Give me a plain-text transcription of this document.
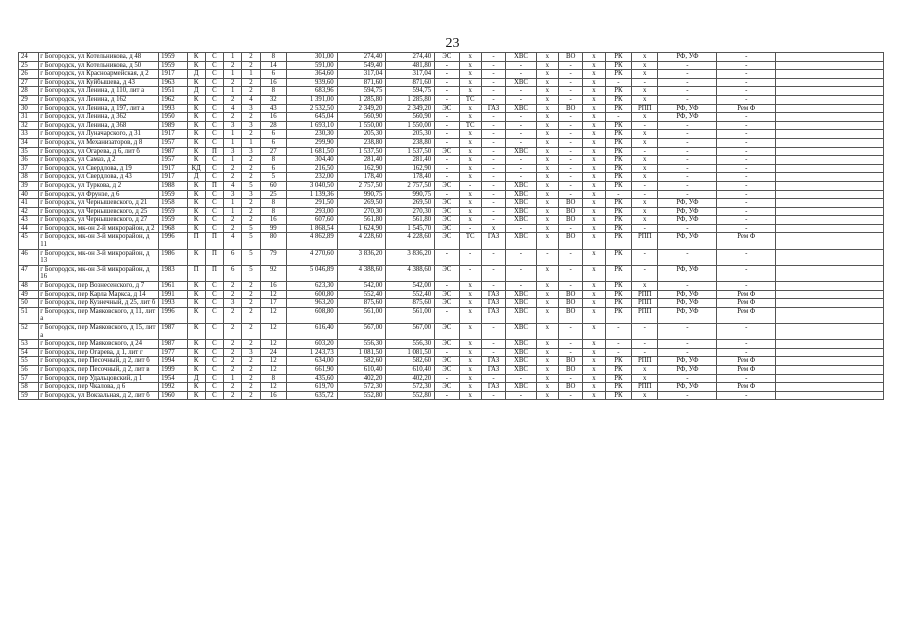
23
24	г Богородск, ул Котельникова, д 48	1959	К	С	1	2	8	301,00	274,40	274,40	ЭС	х	-	ХВС	х	ВО	х	РК	х	РФ, УФ	-	
25	г Богородск, ул Котельникова, д 50	1959	К	С	2	2	14	591,00	549,40	481,80	-	х	-	-	х	-	х	РК	х	-	-	
26	г Богородск, ул Красноармейская, д 2	1917	Д	С	1	1	6	364,60	317,04	317,04	-	х	-	-	х	-	х	РК	х	-	-	
27	г Богородск, ул Куйбышева, д 43	1963	К	С	2	2	16	939,60	871,60	871,60	-	х	-	ХВС	х	-	х	-	-	-	-	
28	г Богородск, ул Ленина, д 110, лит а	1951	Д	С	1	2	8	683,96	594,75	594,75	-	х	-	-	х	-	х	РК	х	-	-	
29	г Богородск, ул Ленина, д 162	1962	К	С	2	4	32	1 391,00	1 285,80	1 285,80	-	ТС	-	-	х	-	х	РК	х	-	-	
30	г Богородск, ул Ленина, д 197, лит а	1993	К	С	4	3	43	2 532,50	2 349,20	2 349,20	ЭС	х	ГАЗ	ХВС	х	ВО	х	РК	РПП	РФ, УФ	Рем Ф	
31	г Богородск, ул Ленина, д 362	1950	К	С	2	2	16	645,04	560,90	560,90	-	х	-	-	х	-	х	-	х	РФ, УФ	-	
32	г Богородск, ул Ленина, д 368	1989	К	С	3	3	28	1 693,10	1 550,00	1 550,00	-	ТС	-	-	х	-	х	РК	-	-	-	
33	г Богородск, ул Луначарского, д 31	1917	К	С	1	2	6	230,30	205,30	205,30	-	х	-	-	х	-	х	РК	х	-	-	
34	г Богородск, ул Механизаторов, д 8	1957	К	С	1	1	6	299,90	238,80	238,80	-	х	-	-	х	-	х	РК	х	-	-	
35	г Богородск, ул Огарева, д 6, лит б	1987	К	П	3	3	27	1 681,50	1 537,50	1 537,50	ЭС	х	-	ХВС	х	-	х	РК	-	-	-	
36	г Богородск, ул Самаз, д 2	1957	К	С	1	2	8	304,40	281,40	281,40	-	х	-	-	х	-	х	РК	х	-	-	
37	г Богородск, ул Свердлова, д 19	1917	КД	С	2	2	6	216,50	162,90	162,90	-	х	-	-	х	-	х	РК	х	-	-	
38	г Богородск, ул Свердлова, д 43	1917	Д	С	2	2	5	232,00	178,40	178,40	-	х	-	-	х	-	х	РК	х	-	-	
39	г Богородск, ул Туркова, д 2	1988	К	П	4	5	60	3 040,50	2 757,50	2 757,50	ЭС	-	-	ХВС	х	-	х	РК	-	-	-	
40	г Богородск, ул Фрунзе, д 6	1959	К	С	3	3	25	1 139,36	990,75	990,75	-	х	-	ХВС	х	-	х	-	-	-	-	
41	г Богородск, ул Чернышевского, д 21	1958	К	С	1	2	8	291,50	269,50	269,50	ЭС	х	-	ХВС	х	ВО	х	РК	х	РФ, УФ	-	
42	г Богородск, ул Чернышевского, д 25	1959	К	С	1	2	8	293,00	270,30	270,30	ЭС	х	-	ХВС	х	ВО	х	РК	х	РФ, УФ	-	
43	г Богородск, ул Чернышевского, д 27	1959	К	С	2	2	16	607,60	561,80	561,80	ЭС	х	-	ХВС	х	ВО	х	РК	х	РФ, УФ	-	
44	г Богородск, мк-он 2-й микрорайон, д 2	1968	К	С	2	5	99	1 868,54	1 624,90	1 545,70	ЭС	-	х	-	х	-	х	РК	-	-	-	
45	г Богородск, мк-он 3-й микрорайон, д 11	1996	П	П	4	5	80	4 862,89	4 228,60	4 228,60	ЭС	ТС	ГАЗ	ХВС	х	ВО	х	РК	РПП	РФ, УФ	Рем Ф	
46	г Богородск, мк-он 3-й микрорайон, д 13	1986	К	П	6	5	79	4 270,60	3 836,20	3 836,20	-	-	-	-	-	-	х	РК	-	-	-	
47	г Богородск, мк-он 3-й микрорайон, д 16	1983	П	П	6	5	92	5 046,89	4 388,60	4 388,60	ЭС	-	-	-	х	-	х	РК	-	РФ, УФ	-	
48	г Богородск, пер Вознесенского, д 7	1961	К	С	2	2	16	623,30	542,00	542,00	-	х	-	-	х	-	х	РК	х	-	-	
49	г Богородск, пер Карла Маркса, д 14	1991	К	С	2	2	12	600,80	552,40	552,40	ЭС	х	ГАЗ	ХВС	х	ВО	х	РК	РПП	РФ, УФ	Рем Ф	
50	г Богородск, пер Кузнечный, д 25, лит б	1993	К	С	3	2	17	963,20	875,60	875,60	ЭС	х	ГАЗ	ХВС	х	ВО	х	РК	РПП	РФ, УФ	Рем Ф	
51	г Богородск, пер Маяковского, д 11, лит а	1996	К	С	2	2	12	608,80	561,00	561,00	-	х	ГАЗ	ХВС	х	ВО	х	РК	РПП	РФ, УФ	Рем Ф	
52	г Богородск, пер Маяковского, д 15, лит а	1987	К	С	2	2	12	616,40	567,00	567,00	ЭС	х	-	ХВС	х	-	х	-	-	-	-	
53	г Богородск, пер Маяковского, д 24	1987	К	С	2	2	12	603,20	556,30	556,30	ЭС	х	-	ХВС	х	-	х	-	-	-	-	
54	г Богородск, пер Огарева, д 1, лит г	1977	К	С	2	3	24	1 243,73	1 081,50	1 081,50	-	х	-	ХВС	х	-	х	-	-	-	-	
55	г Богородск, пер Песочный, д 2, лит б	1994	К	С	2	2	12	634,00	582,60	582,60	ЭС	х	ГАЗ	ХВС	х	ВО	х	РК	РПП	РФ, УФ	Рем Ф	
56	г Богородск, пер Песочный, д 2, лит в	1999	К	С	2	2	12	661,90	610,40	610,40	ЭС	х	ГАЗ	ХВС	х	ВО	х	РК	х	РФ, УФ	Рем Ф	
57	г Богородск, пер Удальцовский, д 1	1954	Д	С	1	2	8	435,60	402,20	402,20	-	х	-	-	х	-	х	РК	х	-	-	
58	г Богородск, пер Чкалова, д 6	1992	К	С	2	2	12	619,70	572,30	572,30	ЭС	х	ГАЗ	ХВС	х	ВО	х	РК	РПП	РФ, УФ	Рем Ф	
59	г Богородск, ул Вокзальная, д 2, лит б	1960	К	С	2	2	16	635,72	552,80	552,80	-	х	-	-	х	-	х	РК	х	-	-	
